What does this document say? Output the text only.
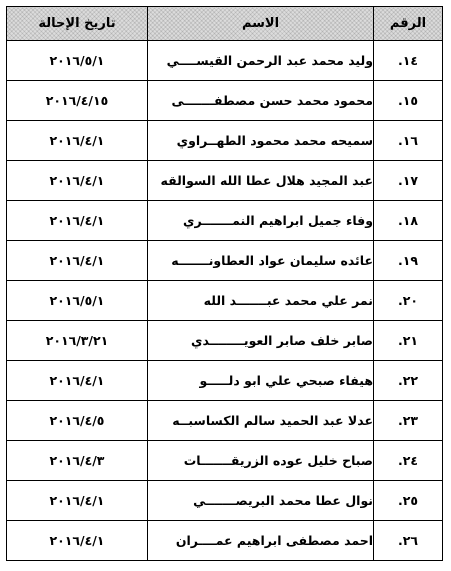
الرقم	الاسم	تاريخ الإحالة
١٤.	وليد محمد عبد الرحمن القيســــي	٢٠١٦/٥/١
١٥.	محمود محمد حسن مصطفـــــــى	٢٠١٦/٤/١٥
١٦.	سميحه محمد محمود الطهــراوي	٢٠١٦/٤/١
١٧.	عبد المجيد هلال عطا الله السوالقه	٢٠١٦/٤/١
١٨.	وفاء جميل ابراهيم النمـــــــري	٢٠١٦/٤/١
١٩.	عائده سليمان عواد العطاونـــــــه	٢٠١٦/٤/١
٢٠.	نمر علي محمد عبـــــــد الله	٢٠١٦/٥/١
٢١.	صابر خلف صابر العويــــــــدي	٢٠١٦/٣/٢١
٢٢.	هيفاء صبحي علي ابو دلـــــو	٢٠١٦/٤/١
٢٣.	عدلا عبد الحميد سالم الكساسبــه	٢٠١٦/٤/٥
٢٤.	صباح خليل عوده الزريقـــــــات	٢٠١٦/٤/٣
٢٥.	نوال عطا محمد البريصـــــــي	٢٠١٦/٤/١
٢٦.	احمد مصطفى ابراهيم عمــــران	٢٠١٦/٤/١
